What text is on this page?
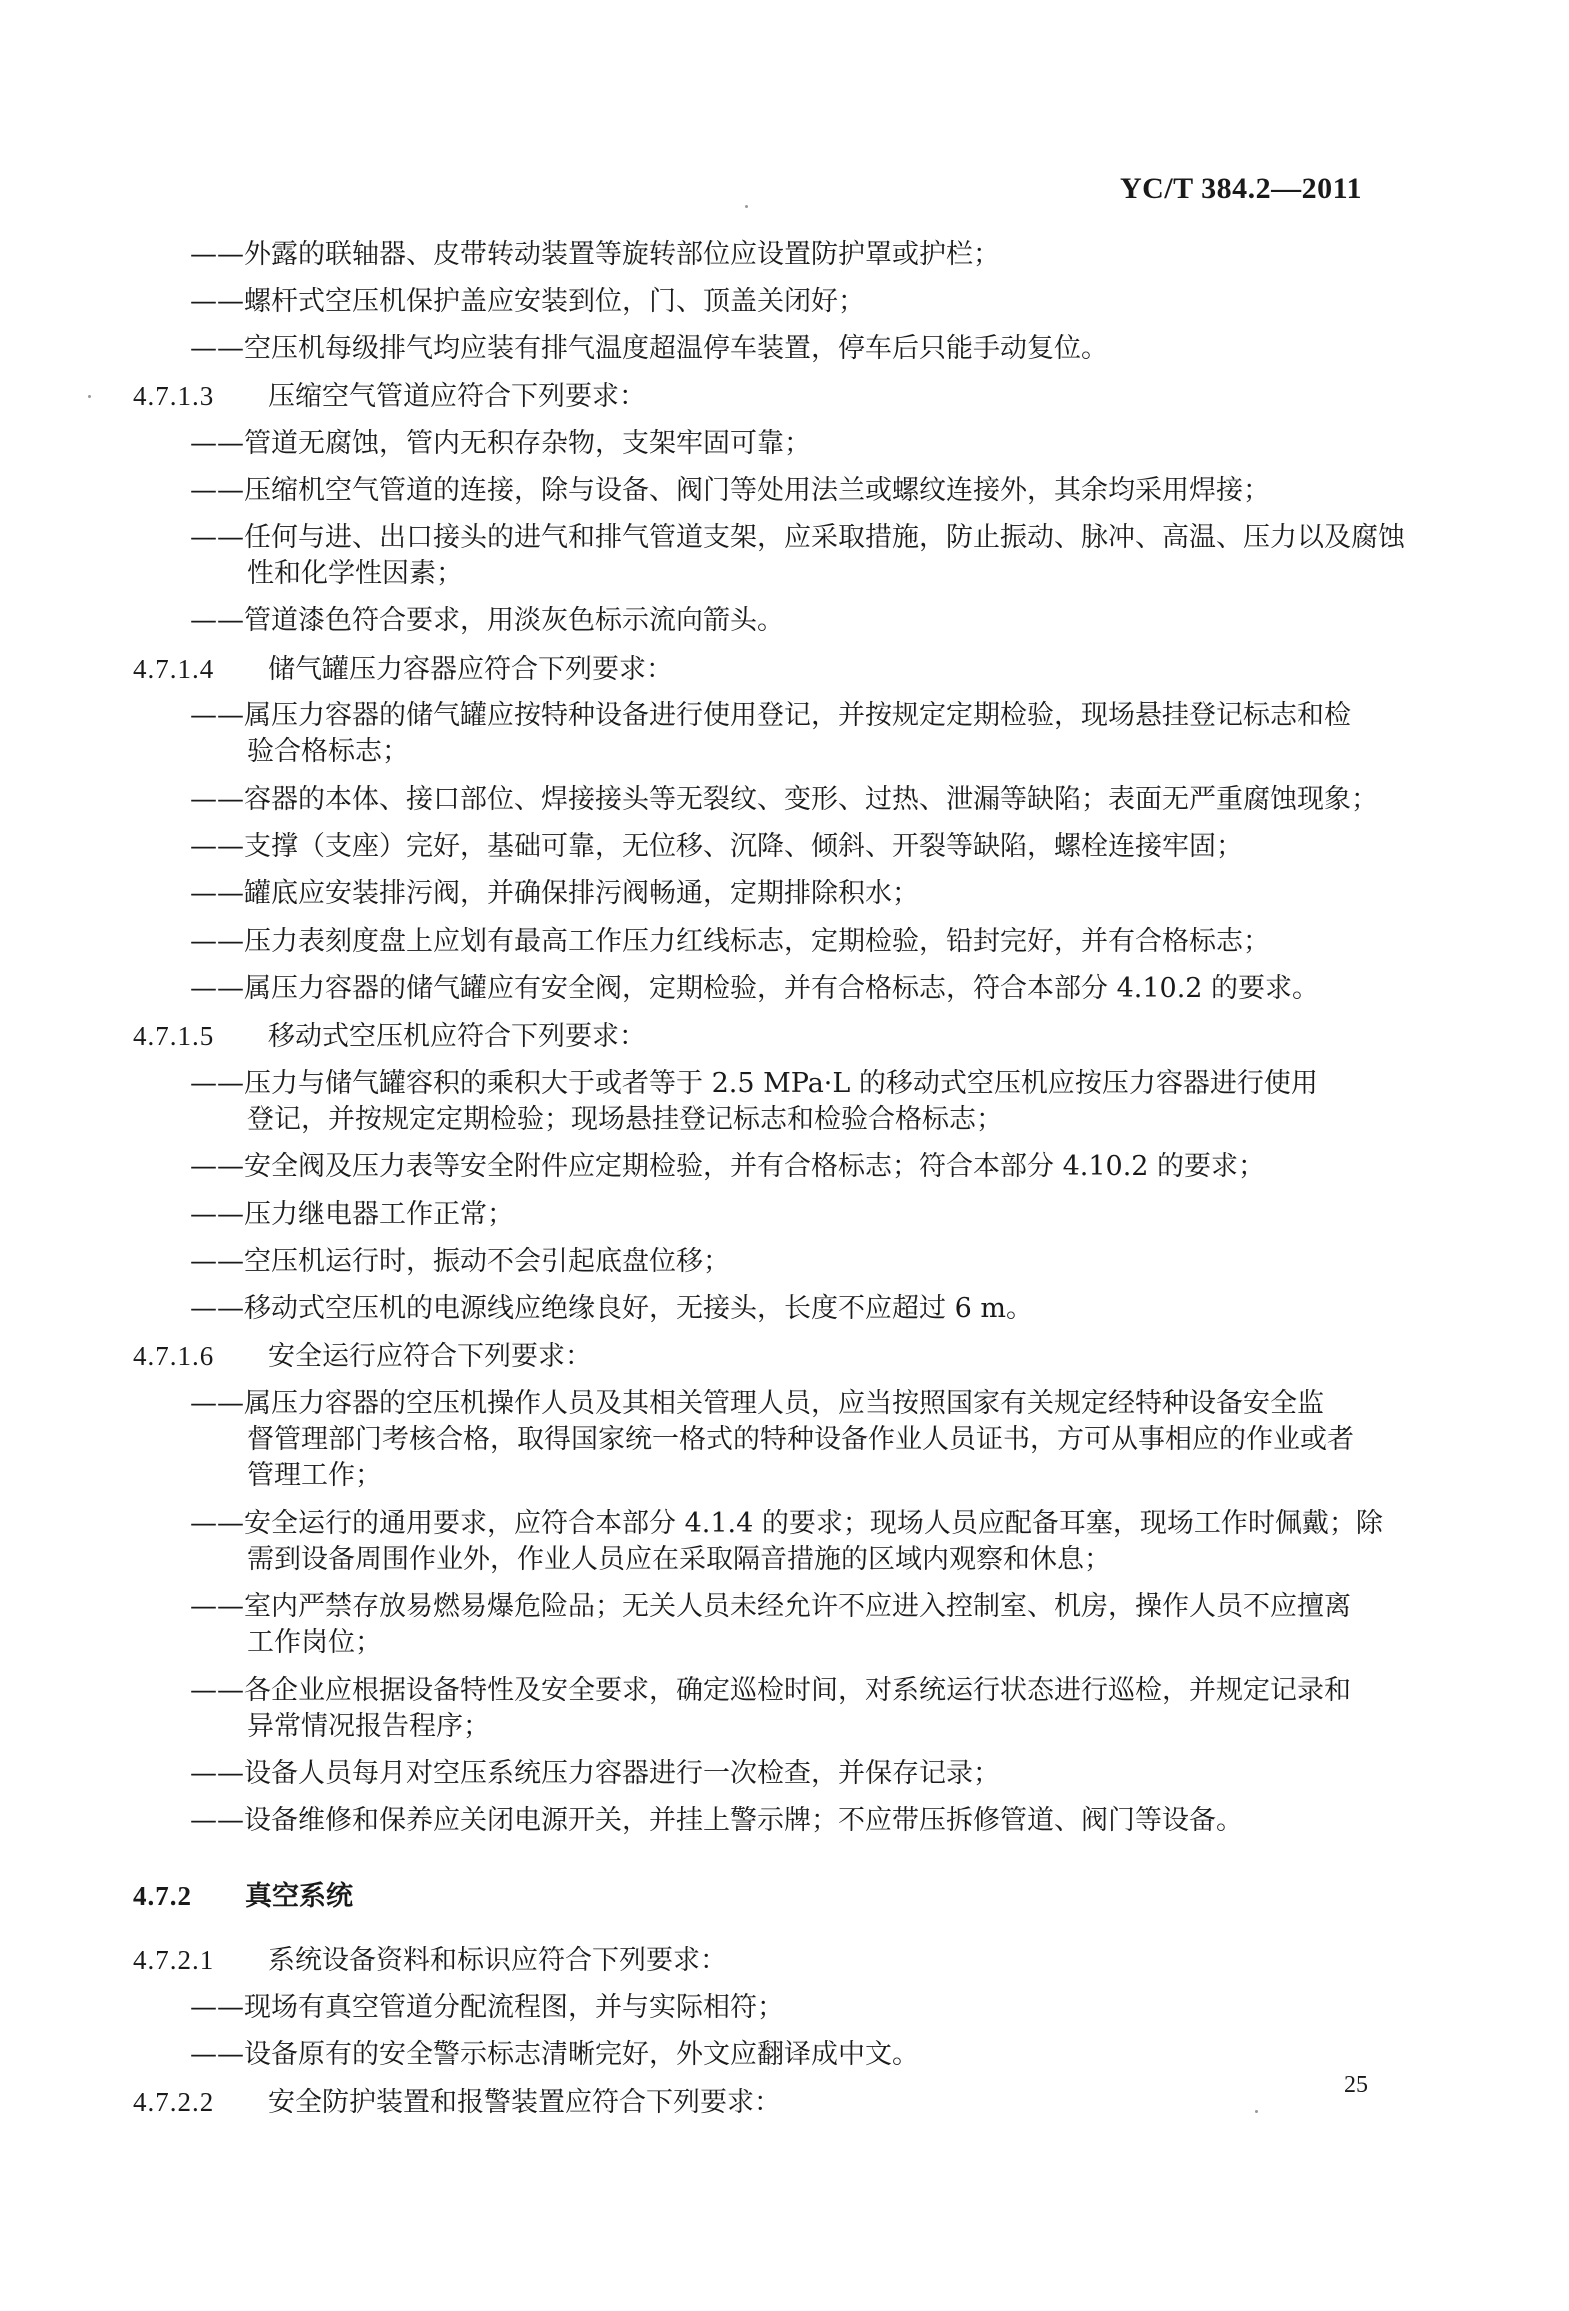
YC/T 384.2—2011
——外露的联轴器、皮带转动装置等旋转部位应设置防护罩或护栏；
——螺杆式空压机保护盖应安装到位，门、顶盖关闭好；
——空压机每级排气均应装有排气温度超温停车装置，停车后只能手动复位。
4.7.1.3 压缩空气管道应符合下列要求：
——管道无腐蚀，管内无积存杂物，支架牢固可靠；
——压缩机空气管道的连接，除与设备、阀门等处用法兰或螺纹连接外，其余均采用焊接；
——任何与进、出口接头的进气和排气管道支架，应采取措施，防止振动、脉冲、高温、压力以及腐蚀
性和化学性因素；
——管道漆色符合要求，用淡灰色标示流向箭头。
4.7.1.4 储气罐压力容器应符合下列要求：
——属压力容器的储气罐应按特种设备进行使用登记，并按规定定期检验，现场悬挂登记标志和检
验合格标志；
——容器的本体、接口部位、焊接接头等无裂纹、变形、过热、泄漏等缺陷；表面无严重腐蚀现象；
——支撑（支座）完好，基础可靠，无位移、沉降、倾斜、开裂等缺陷，螺栓连接牢固；
——罐底应安装排污阀，并确保排污阀畅通，定期排除积水；
——压力表刻度盘上应划有最高工作压力红线标志，定期检验，铅封完好，并有合格标志；
——属压力容器的储气罐应有安全阀，定期检验，并有合格标志，符合本部分 4.10.2 的要求。
4.7.1.5 移动式空压机应符合下列要求：
——压力与储气罐容积的乘积大于或者等于 2.5 MPa·L 的移动式空压机应按压力容器进行使用
登记，并按规定定期检验；现场悬挂登记标志和检验合格标志；
——安全阀及压力表等安全附件应定期检验，并有合格标志；符合本部分 4.10.2 的要求；
——压力继电器工作正常；
——空压机运行时，振动不会引起底盘位移；
——移动式空压机的电源线应绝缘良好，无接头，长度不应超过 6 m。
4.7.1.6 安全运行应符合下列要求：
——属压力容器的空压机操作人员及其相关管理人员，应当按照国家有关规定经特种设备安全监
督管理部门考核合格，取得国家统一格式的特种设备作业人员证书，方可从事相应的作业或者
管理工作；
——安全运行的通用要求，应符合本部分 4.1.4 的要求；现场人员应配备耳塞，现场工作时佩戴；除
需到设备周围作业外，作业人员应在采取隔音措施的区域内观察和休息；
——室内严禁存放易燃易爆危险品；无关人员未经允许不应进入控制室、机房，操作人员不应擅离
工作岗位；
——各企业应根据设备特性及安全要求，确定巡检时间，对系统运行状态进行巡检，并规定记录和
异常情况报告程序；
——设备人员每月对空压系统压力容器进行一次检查，并保存记录；
——设备维修和保养应关闭电源开关，并挂上警示牌；不应带压拆修管道、阀门等设备。
4.7.2 真空系统
4.7.2.1 系统设备资料和标识应符合下列要求：
——现场有真空管道分配流程图，并与实际相符；
——设备原有的安全警示标志清晰完好，外文应翻译成中文。
4.7.2.2 安全防护装置和报警装置应符合下列要求：
25
